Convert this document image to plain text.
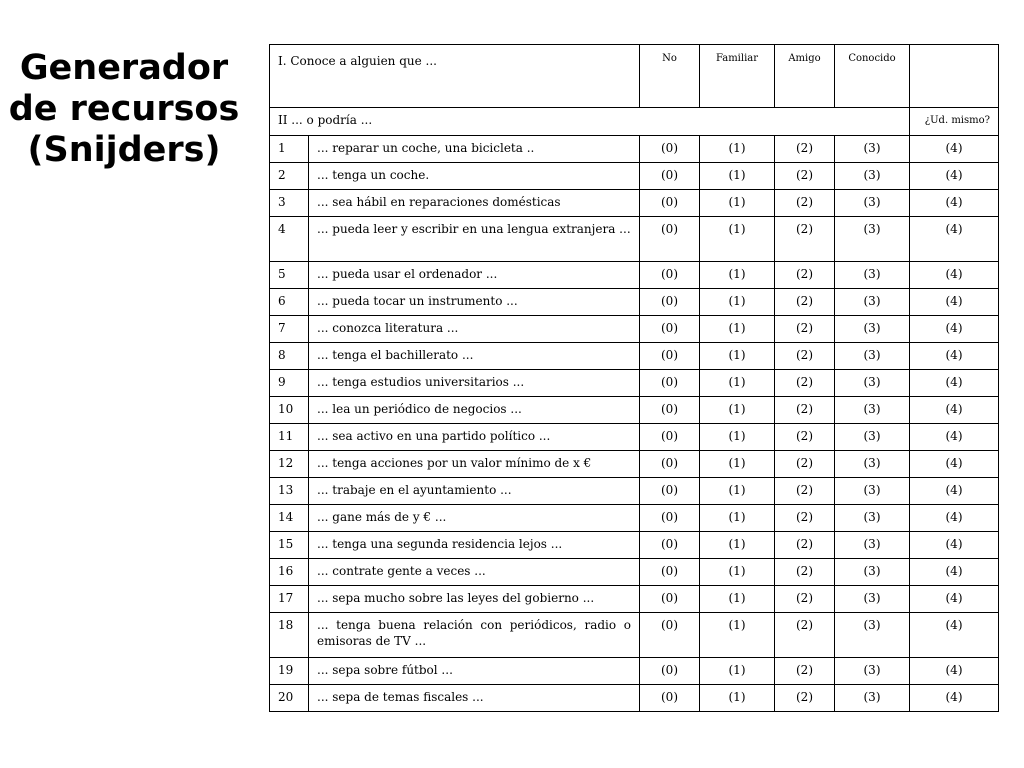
Generador
de recursos
(Snijders)
I. Conoce a alguien que ...		No	Familiar	Amigo	Conocido	
II ... o podría ...						¿Ud. mismo?
1	... reparar un coche, una bicicleta ..	(0)	(1)	(2)	(3)	(4)
2	... tenga un coche.	(0)	(1)	(2)	(3)	(4)
3	... sea hábil en reparaciones domésticas	(0)	(1)	(2)	(3)	(4)
4	... pueda leer y escribir en una lengua extranjera ...	(0)	(1)	(2)	(3)	(4)
5	... pueda usar el ordenador ...	(0)	(1)	(2)	(3)	(4)
6	... pueda tocar un instrumento ...	(0)	(1)	(2)	(3)	(4)
7	... conozca literatura ...	(0)	(1)	(2)	(3)	(4)
8	... tenga el bachillerato ...	(0)	(1)	(2)	(3)	(4)
9	... tenga estudios universitarios ...	(0)	(1)	(2)	(3)	(4)
10	... lea un periódico de negocios ...	(0)	(1)	(2)	(3)	(4)
11	... sea activo en una partido político ...	(0)	(1)	(2)	(3)	(4)
12	... tenga acciones por un valor mínimo de x €	(0)	(1)	(2)	(3)	(4)
13	... trabaje en el ayuntamiento ...	(0)	(1)	(2)	(3)	(4)
14	... gane más de y € ...	(0)	(1)	(2)	(3)	(4)
15	... tenga una segunda residencia lejos ...	(0)	(1)	(2)	(3)	(4)
16	... contrate gente a veces ...	(0)	(1)	(2)	(3)	(4)
17	... sepa mucho sobre las leyes del gobierno ...	(0)	(1)	(2)	(3)	(4)
18	... tenga buena relación con periódicos, radio o emisoras de TV ...	(0)	(1)	(2)	(3)	(4)
19	... sepa sobre fútbol ...	(0)	(1)	(2)	(3)	(4)
20	... sepa de temas fiscales ...	(0)	(1)	(2)	(3)	(4)
